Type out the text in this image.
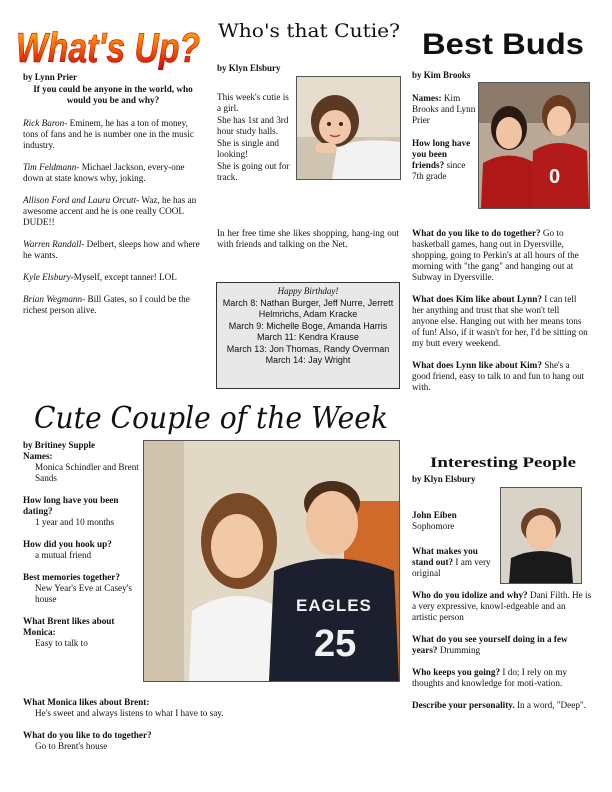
What's Up?
by Lynn Prier
If you could be anyone in the world, who would you be and why?

Rick Baron- Eminem, he has a ton of money, tons of fans and he is number one in the music industry.

Tim Feldmann- Michael Jackson, every-one down at state knows why, joking.

Allison Ford and Laura Orcutt- Waz, he has an awesome accent and he is one really COOL DUDE!!

Warren Randall- Delbert, sleeps how and where he wants.

Kyle Elsbury-Myself, except tanner! LOL

Brian Wegmann- Bill Gates, so I could be the richest person alive.

Who's that Cutie?
by Klyn Elsbury

This week's cutie is a girl.

She has 1st and 3rd hour study halls.

She is single and looking!

She is going out for track.

In her free time she likes shopping, hang-ing out with friends and talking on the Net.
Happy Birthday!
March 8: Nathan Burger, Jeff Nurre, Jerrett Helmrichs, Adam Kracke
March 9: Michelle Boge, Amanda Harris
March 11: Kendra Krause
March 13: Jon Thomas, Randy Overman
March 14: Jay Wright
Best Buds
by Kim Brooks

Names: Kim Brooks and Lynn Prier

How long have you been friends? since 7th grade	0

What do you like to do together? Go to basketball games, hang out in Dyersville, shopping, going to Perkin's at all hours of the morning with "the gang" and hanging out at Subway in Dyersville.

What does Kim like about Lynn? I can tell her anything and trust that she won't tell anyone else. Hanging out with her means tons of fun! Also, if it wasn't for her, I'd be sitting on my butt every weekend.

What does Lynn like about Kim? She's a good friend, easy to talk to and fun to hang out with.

Cute Couple of the Week
by Britiney Supple

Names:

Monica Schindler and Brent Sands

How long have you been dating?

1 year and 10 months

How did you hook up?

a mutual friend

Best memories together?

New Year's Eve at Casey's house

What Brent likes about Monica:

Easy to talk to

EAGLES
25

What Monica likes about Brent:

He's sweet and always listens to what I have to say.

What do you like to do together?

Go to Brent's house

Interesting People
by Klyn Elsbury

John Eiben

Sophomore

What makes you stand out? I am very original

Who do you idolize and why? Dani Filth. He is a very expressive, knowl-edgeable and an artistic person

What do you see yourself doing in a few years? Drumming

Who keeps you going? I do; I rely on my thoughts and knowledge for moti-vation.

Describe your personality. In a word, "Deep".
